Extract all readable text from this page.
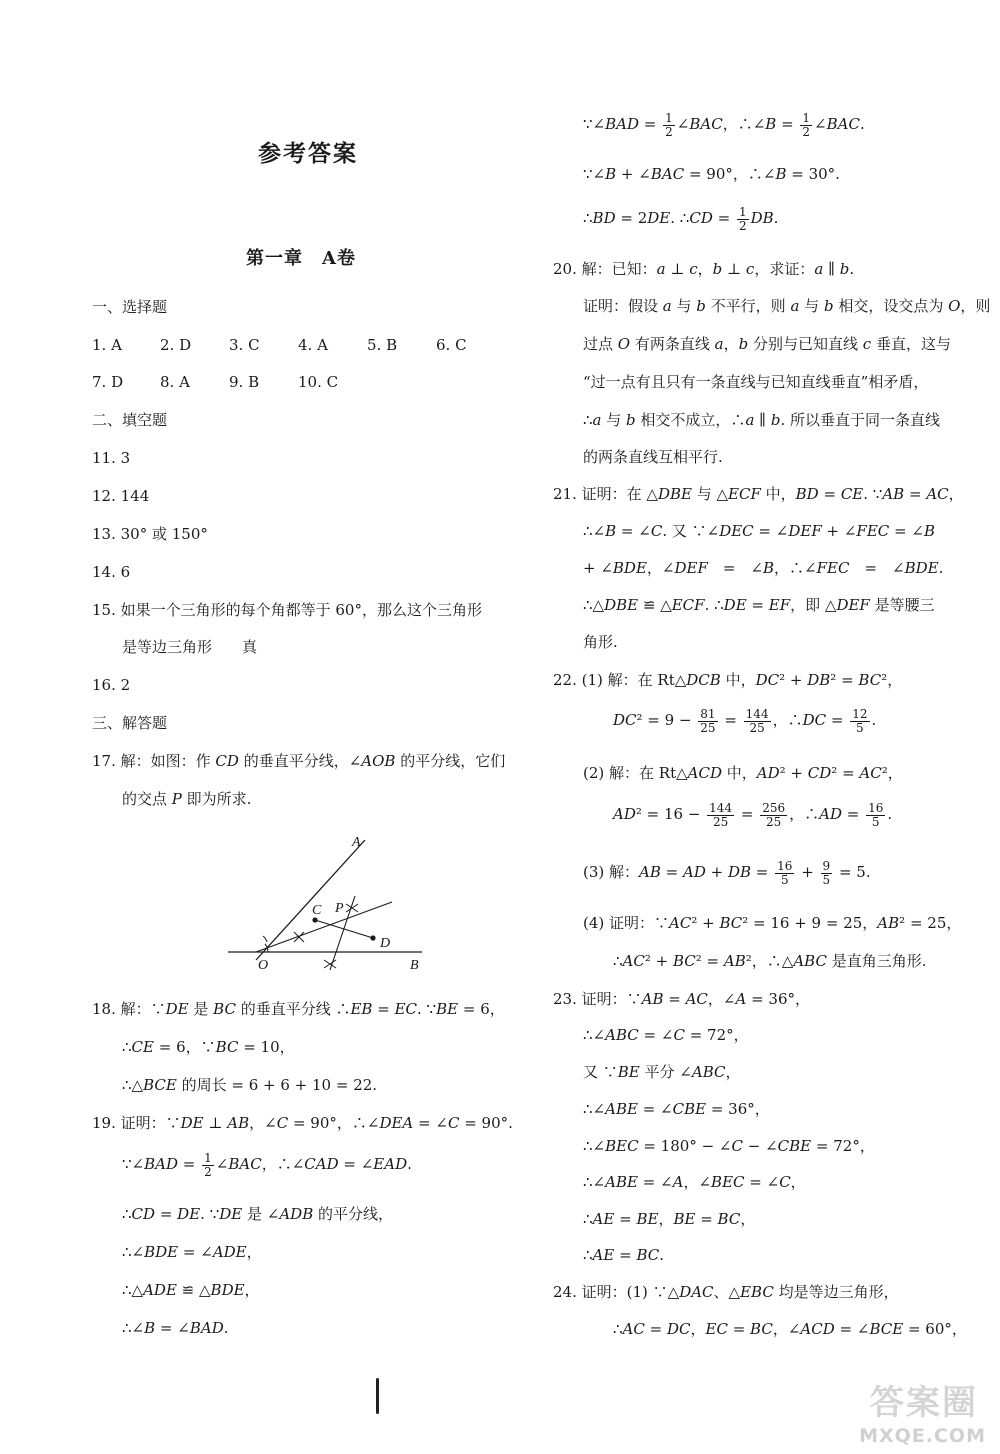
参考答案
第一章　A卷
一、选择题
1. A	2. D	3. C	4. A	5. B	6. C
7. D 8. A	9. B	10. C
二、填空题
11. 3
12. 144
13. 30° 或 150°
14. 6
15. 如果一个三角形的每个角都等于 60°，那么这个三角形
是等边三角形　　真
16. 2
三、解答题
17. 解：如图：作 CD 的垂直平分线，∠AOB 的平分线，它们
的交点 P 即为所求.
A
B
C
D
O
P
18. 解：∵DE 是 BC 的垂直平分线 ∴EB = EC. ∵BE = 6，
∴CE = 6，∵BC = 10，
∴△BCE 的周长 = 6 + 6 + 10 = 22.
19. 证明：∵DE ⊥ AB，∠C = 90°，∴∠DEA = ∠C = 90°.
∵∠BAD = $\frac{1}{2}$ ∠BAC，∴∠CAD = ∠EAD.
∴CD = DE. ∵DE 是 ∠ADB 的平分线，
∴∠BDE = ∠ADE，
∴△ADE ≌ △BDE，
∴∠B = ∠BAD.
∵∠BAD = $\frac{1}{2}$ ∠BAC，∴∠B = $\frac{1}{2}$ ∠BAC.
∵∠B + ∠BAC = 90°，∴∠B = 30°.
∴BD = 2DE. ∴CD = $\frac{1}{2}$ DB.
20. 解：已知：a ⊥ c，b ⊥ c，求证：a ∥ b.
证明：假设 a 与 b 不平行，则 a 与 b 相交，设交点为 O，则
过点 O 有两条直线 a，b 分别与已知直线 c 垂直，这与
“过一点有且只有一条直线与已知直线垂直”相矛盾，
∴a 与 b 相交不成立，∴a ∥ b. 所以垂直于同一条直线
的两条直线互相平行.
21. 证明：在 △DBE 与 △ECF 中，BD = CE. ∵AB = AC，
∴∠B = ∠C. 又 ∵∠DEC = ∠DEF + ∠FEC = ∠B
+ ∠BDE，∠DEF　=　∠B，∴∠FEC　=　∠BDE.
∴△DBE ≌ △ECF. ∴DE = EF，即 △DEF 是等腰三
角形.
22. (1) 解：在 Rt△DCB 中，DC² + DB² = BC²，
$DC^2 = 9 - \frac{81}{25} = \frac{144}{25}$ ，∴DC = $\frac{12}{5}$ .
(2) 解：在 Rt△ACD 中，AD² + CD² = AC²，
$AD^2 = 16 - \frac{144}{25} = \frac{256}{25}$ ，∴AD = $\frac{16}{5}$ .
(3) 解：AB = AD + DB = $\frac{16}{5} + \frac{9}{5} = 5$.
(4) 证明：∵AC² + BC² = 16 + 9 = 25，AB² = 25，
∴AC² + BC² = AB²，∴△ABC 是直角三角形.
23. 证明：∵AB = AC，∠A = 36°，
∴∠ABC = ∠C = 72°，
又 ∵BE 平分 ∠ABC，
∴∠ABE = ∠CBE = 36°，
∴∠BEC = 180° − ∠C − ∠CBE = 72°，
∴∠ABE = ∠A，∠BEC = ∠C，
∴AE = BE，BE = BC，
∴AE = BC.
24. 证明：(1) ∵△DAC、△EBC 均是等边三角形，
∴AC = DC，EC = BC，∠ACD = ∠BCE = 60°，
答案圈
MXQE.COM
